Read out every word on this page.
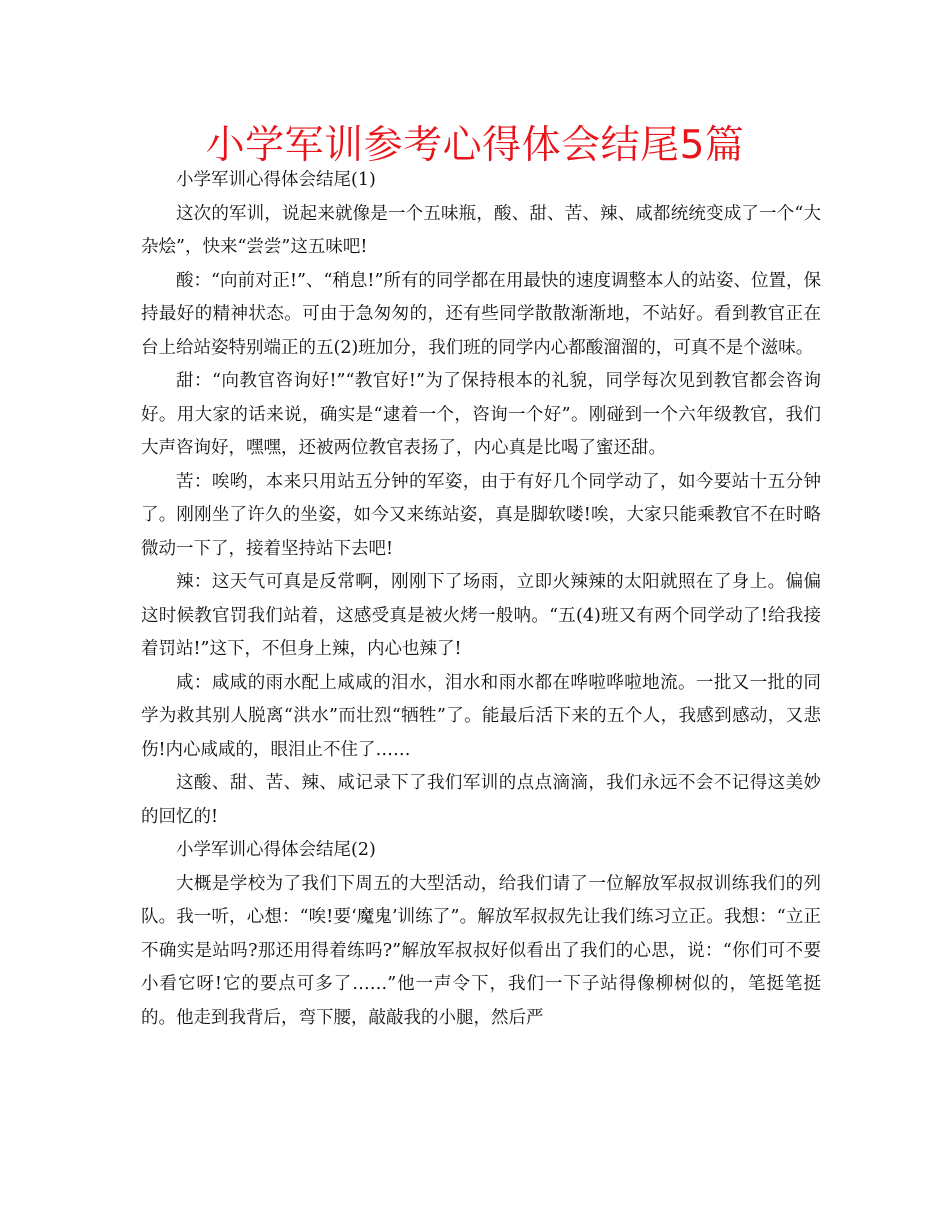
小学军训参考心得体会结尾5篇

小学军训心得体会结尾(1)

这次的军训，说起来就像是一个五味瓶，酸、甜、苦、辣、咸都统统变成了一个“大杂烩”，快来“尝尝”这五味吧!

酸：“向前对正!”、“稍息!”所有的同学都在用最快的速度调整本人的站姿、位置，保持最好的精神状态。可由于急匆匆的，还有些同学散散渐渐地，不站好。看到教官正在台上给站姿特别端正的五(2)班加分，我们班的同学内心都酸溜溜的，可真不是个滋味。

甜：“向教官咨询好!”“教官好!”为了保持根本的礼貌，同学每次见到教官都会咨询好。用大家的话来说，确实是“逮着一个，咨询一个好”。刚碰到一个六年级教官，我们大声咨询好，嘿嘿，还被两位教官表扬了，内心真是比喝了蜜还甜。

苦：唉哟，本来只用站五分钟的军姿，由于有好几个同学动了，如今要站十五分钟了。刚刚坐了许久的坐姿，如今又来练站姿，真是脚软喽!唉，大家只能乘教官不在时略微动一下了，接着坚持站下去吧!

辣：这天气可真是反常啊，刚刚下了场雨，立即火辣辣的太阳就照在了身上。偏偏这时候教官罚我们站着，这感受真是被火烤一般呐。“五(4)班又有两个同学动了!给我接着罚站!”这下，不但身上辣，内心也辣了!

咸：咸咸的雨水配上咸咸的泪水，泪水和雨水都在哗啦哗啦地流。一批又一批的同学为救其别人脱离“洪水”而壮烈“牺牲”了。能最后活下来的五个人，我感到感动，又悲伤!内心咸咸的，眼泪止不住了……

这酸、甜、苦、辣、咸记录下了我们军训的点点滴滴，我们永远不会不记得这美妙的回忆的!

小学军训心得体会结尾(2)

大概是学校为了我们下周五的大型活动，给我们请了一位解放军叔叔训练我们的列队。我一听，心想：“唉!要‘魔鬼’训练了”。解放军叔叔先让我们练习立正。我想：“立正不确实是站吗?那还用得着练吗?”解放军叔叔好似看出了我们的心思，说：“你们可不要小看它呀!它的要点可多了……”他一声令下，我们一下子站得像柳树似的，笔挺笔挺的。他走到我背后，弯下腰，敲敲我的小腿，然后严
